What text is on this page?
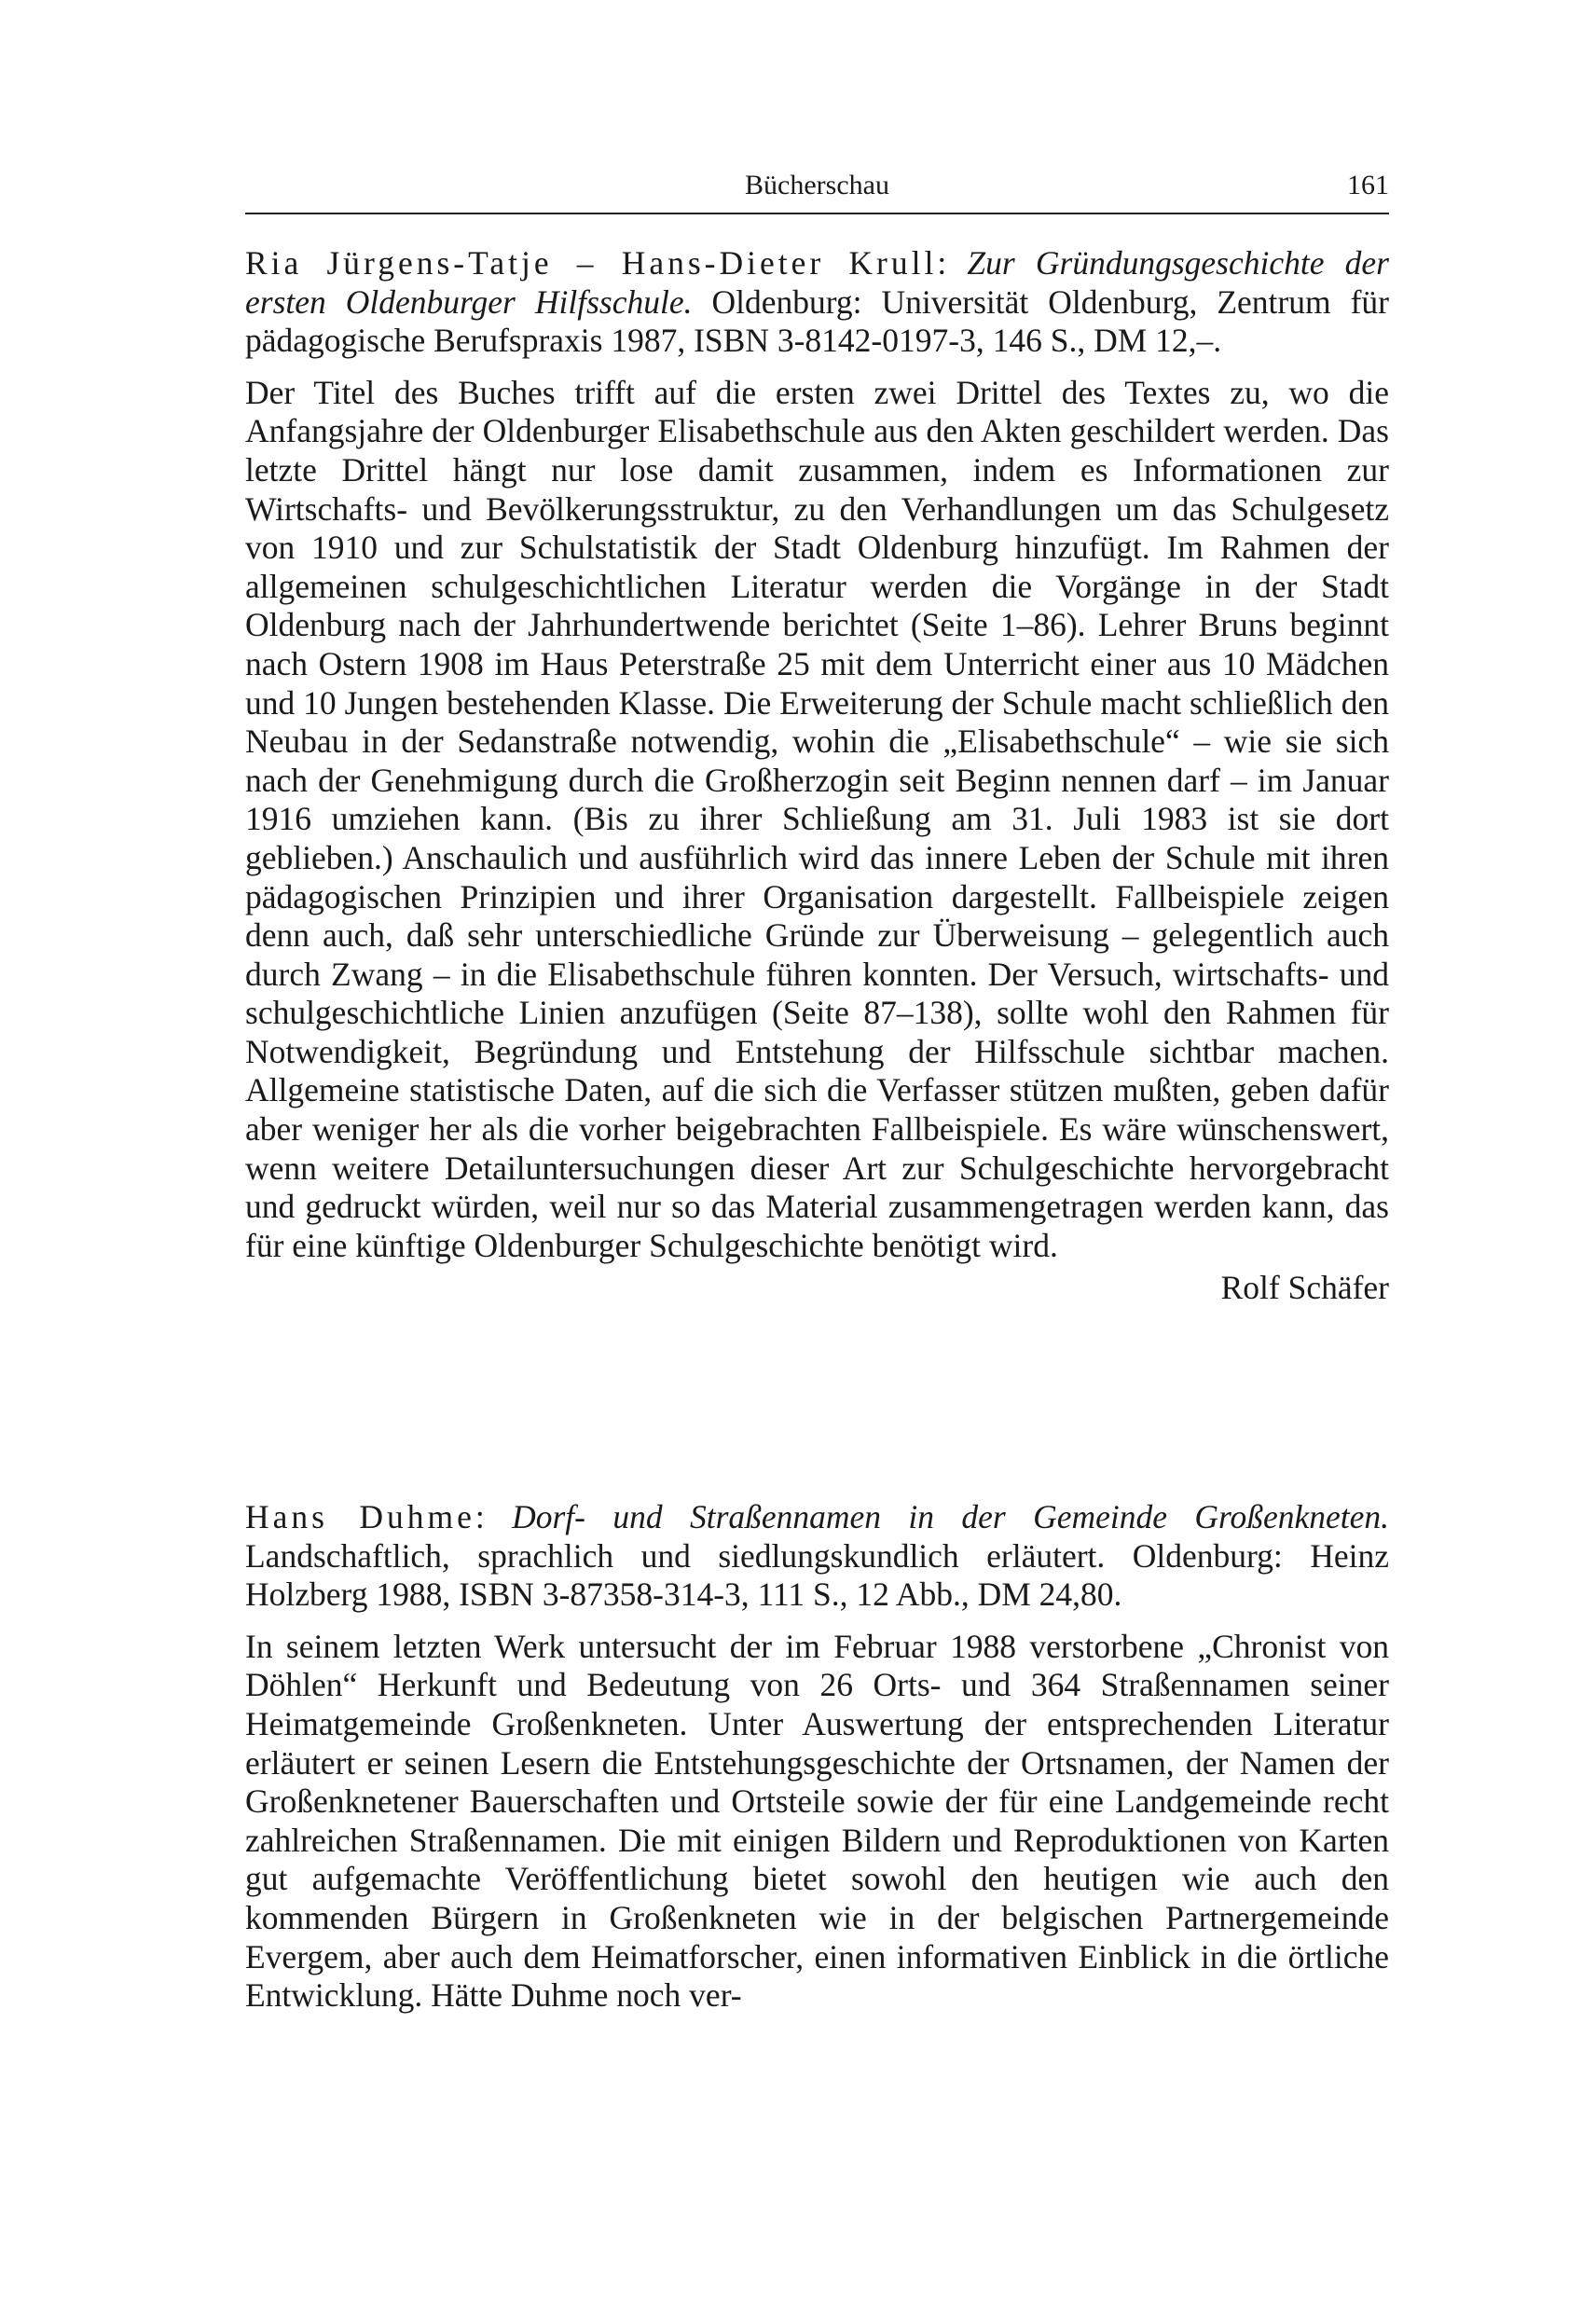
Bücherschau	161

Ria Jürgens-Tatje – Hans-Dieter Krull: Zur Gründungsgeschichte der ersten Oldenburger Hilfsschule. Oldenburg: Universität Oldenburg, Zentrum für pädagogische Berufspraxis 1987, ISBN 3-8142-0197-3, 146 S., DM 12,–.

Der Titel des Buches trifft auf die ersten zwei Drittel des Textes zu, wo die Anfangsjahre der Oldenburger Elisabethschule aus den Akten geschildert werden. Das letzte Drittel hängt nur lose damit zusammen, indem es Informationen zur Wirtschafts- und Bevölkerungsstruktur, zu den Verhandlungen um das Schulgesetz von 1910 und zur Schulstatistik der Stadt Oldenburg hinzufügt. Im Rahmen der allgemeinen schulgeschichtlichen Literatur werden die Vorgänge in der Stadt Oldenburg nach der Jahrhundertwende berichtet (Seite 1–86). Lehrer Bruns beginnt nach Ostern 1908 im Haus Peterstraße 25 mit dem Unterricht einer aus 10 Mädchen und 10 Jungen bestehenden Klasse. Die Erweiterung der Schule macht schließlich den Neubau in der Sedanstraße notwendig, wohin die „Elisabethschule“ – wie sie sich nach der Genehmigung durch die Großherzogin seit Beginn nennen darf – im Januar 1916 umziehen kann. (Bis zu ihrer Schließung am 31. Juli 1983 ist sie dort geblieben.) Anschaulich und ausführlich wird das innere Leben der Schule mit ihren pädagogischen Prinzipien und ihrer Organisation dargestellt. Fallbeispiele zeigen denn auch, daß sehr unterschiedliche Gründe zur Überweisung – gelegentlich auch durch Zwang – in die Elisabethschule führen konnten. Der Versuch, wirtschafts- und schulgeschichtliche Linien anzufügen (Seite 87–138), sollte wohl den Rahmen für Notwendigkeit, Begründung und Entstehung der Hilfsschule sichtbar machen. Allgemeine statistische Daten, auf die sich die Verfasser stützen mußten, geben dafür aber weniger her als die vorher beigebrachten Fallbeispiele. Es wäre wünschenswert, wenn weitere Detailuntersuchungen dieser Art zur Schulgeschichte hervorgebracht und gedruckt würden, weil nur so das Material zusammengetragen werden kann, das für eine künftige Oldenburger Schulgeschichte benötigt wird.

Rolf Schäfer

Hans Duhme: Dorf- und Straßennamen in der Gemeinde Großenkneten. Landschaftlich, sprachlich und siedlungskundlich erläutert. Oldenburg: Heinz Holzberg 1988, ISBN 3-87358-314-3, 111 S., 12 Abb., DM 24,80.

In seinem letzten Werk untersucht der im Februar 1988 verstorbene „Chronist von Döhlen“ Herkunft und Bedeutung von 26 Orts- und 364 Straßennamen seiner Heimatgemeinde Großenkneten. Unter Auswertung der entsprechenden Literatur erläutert er seinen Lesern die Entstehungsgeschichte der Ortsnamen, der Namen der Großenknetener Bauerschaften und Ortsteile sowie der für eine Landgemeinde recht zahlreichen Straßennamen. Die mit einigen Bildern und Reproduktionen von Karten gut aufgemachte Veröffentlichung bietet sowohl den heutigen wie auch den kommenden Bürgern in Großenkneten wie in der belgischen Partnergemeinde Evergem, aber auch dem Heimatforscher, einen informativen Einblick in die örtliche Entwicklung. Hätte Duhme noch ver-
